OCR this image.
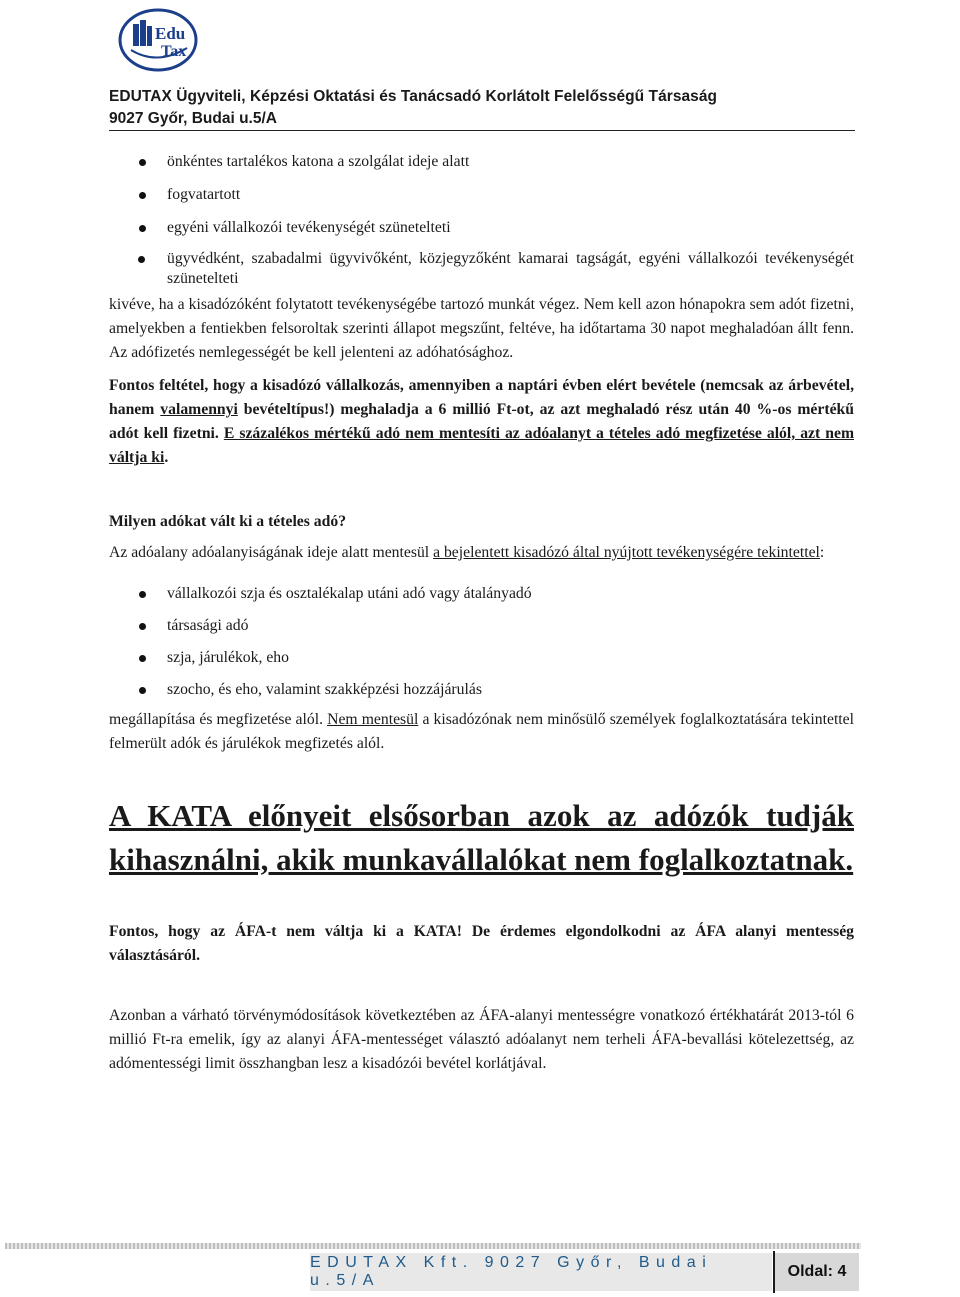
Edu
Tax
EDUTAX Ügyviteli, Képzési Oktatási és Tanácsadó Korlátolt Felelősségű Társaság
9027 Győr, Budai u.5/A
önkéntes tartalékos katona a szolgálat ideje alatt
fogvatartott
egyéni vállalkozói tevékenységét szünetelteti
ügyvédként, szabadalmi ügyvivőként, közjegyzőként kamarai tagságát, egyéni vállalkozói tevékenységét szünetelteti

kivéve, ha a kisadózóként folytatott tevékenységébe tartozó munkát végez. Nem kell azon hónapokra sem adót fizetni, amelyekben a fentiekben felsoroltak szerinti állapot megszűnt, feltéve, ha időtartama 30 napot meghaladóan állt fenn. Az adófizetés nemlegességét be kell jelenteni az adóhatósághoz.

Fontos feltétel, hogy a kisadózó vállalkozás, amennyiben a naptári évben elért bevétele (nemcsak az árbevétel, hanem valamennyi bevételtípus!) meghaladja a 6 millió Ft-ot, az azt meghaladó rész után 40 %-os mértékű adót kell fizetni. E százalékos mértékű adó nem mentesíti az adóalanyt a tételes adó megfizetése alól, azt nem váltja ki.

Milyen adókat vált ki a tételes adó?

Az adóalany adóalanyiságának ideje alatt mentesül a bejelentett kisadózó által nyújtott tevékenységére tekintettel:

vállalkozói szja és osztalékalap utáni adó vagy átalányadó
társasági adó
szja, járulékok, eho
szocho, és eho, valamint szakképzési hozzájárulás

megállapítása és megfizetése alól. Nem mentesül a kisadózónak nem minősülő személyek foglalkoztatására tekintettel felmerült adók és járulékok megfizetés alól.

A KATA előnyeit elsősorban azok az adózók tudják kihasználni, akik munkavállalókat nem foglalkoztatnak.

Fontos, hogy az ÁFA-t nem váltja ki a KATA! De érdemes elgondolkodni az ÁFA alanyi mentesség választásáról.

Azonban a várható törvénymódosítások következtében az ÁFA-alanyi mentességre vonatkozó értékhatárát 2013-tól 6 millió Ft-ra emelik, így az alanyi ÁFA-mentességet választó adóalanyt nem terheli ÁFA-bevallási kötelezettség, az adómentességi limit összhangban lesz a kisadózói bevétel korlátjával.

EDUTAX Kft. 9027 Győr, Budai u.5/A
Oldal: 4
